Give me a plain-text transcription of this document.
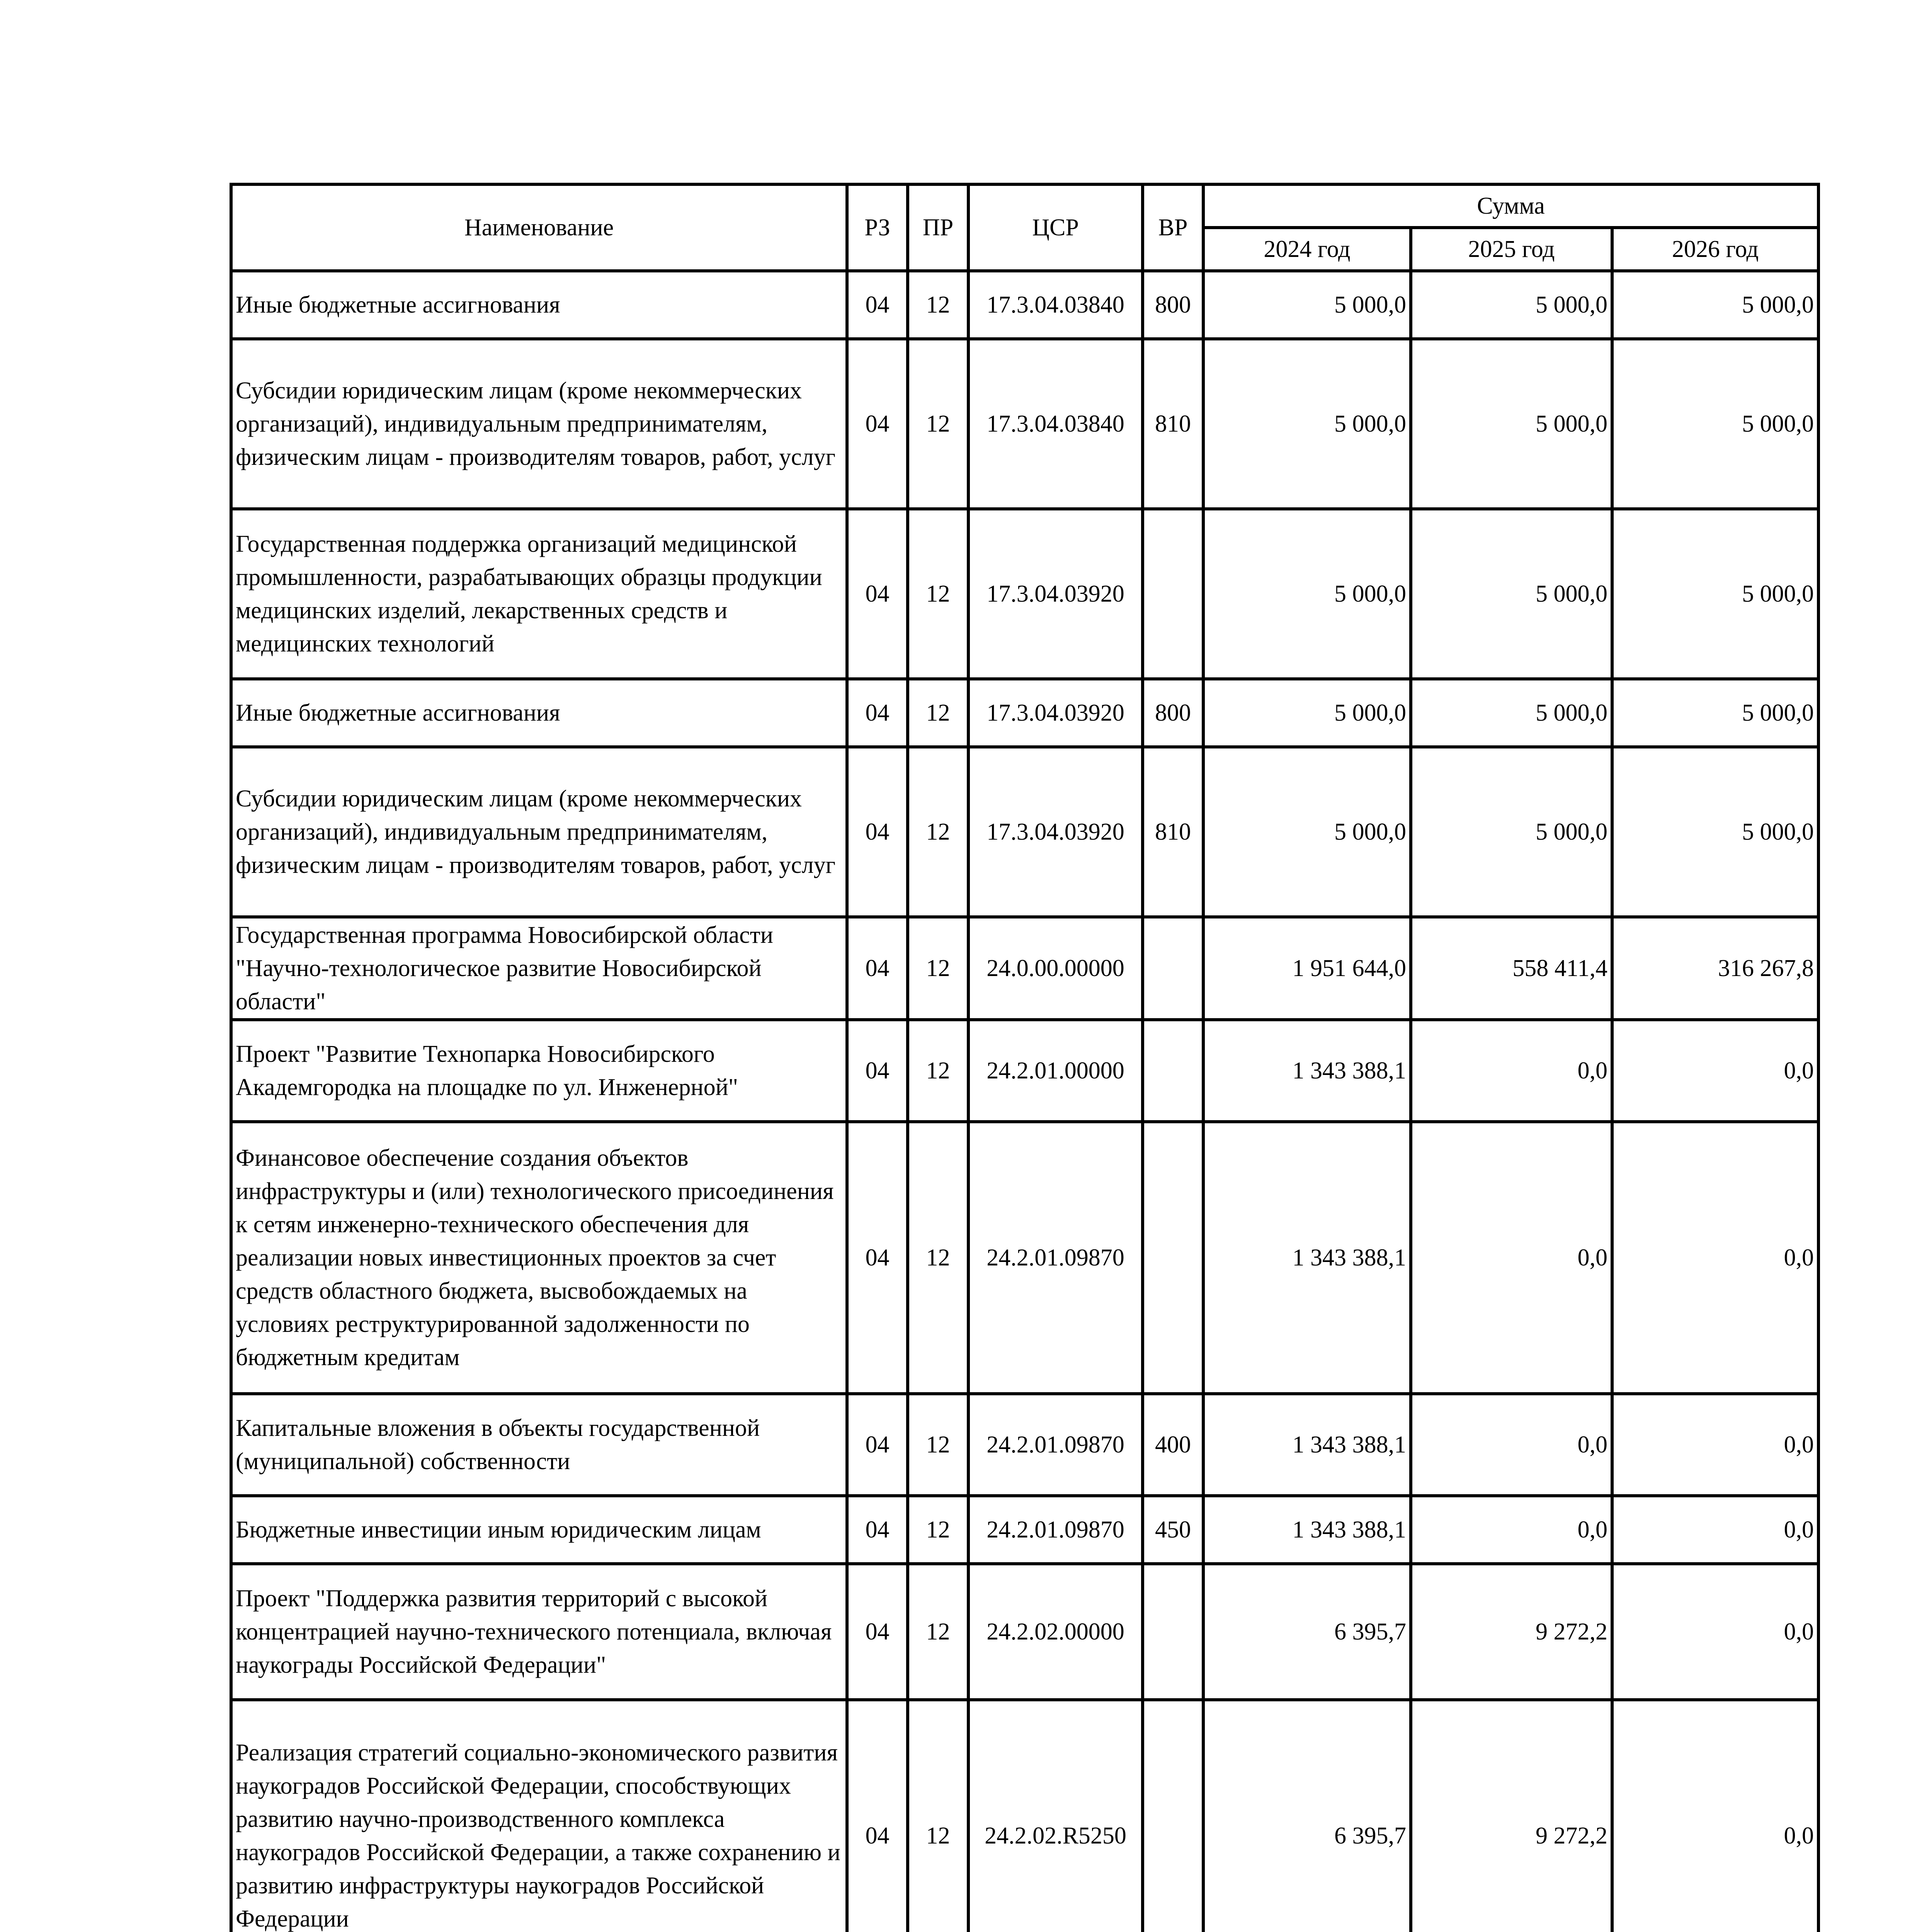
Наименование	РЗ	ПР	ЦСР	ВР	Сумма		
					2024 год	2025 год	2026 год
Иные бюджетные ассигнования	04	12	17.3.04.03840	800	5 000,0	5 000,0	5 000,0
Субсидии юридическим лицам (кроме некоммерческих организаций), индивидуальным предпринимателям, физическим лицам - производителям товаров, работ, услуг	04	12	17.3.04.03840	810	5 000,0	5 000,0	5 000,0
Государственная поддержка организаций медицинской промышленности, разрабатывающих образцы продукции медицинских изделий, лекарственных средств и медицинских технологий	04	12	17.3.04.03920		5 000,0	5 000,0	5 000,0
Иные бюджетные ассигнования	04	12	17.3.04.03920	800	5 000,0	5 000,0	5 000,0
Субсидии юридическим лицам (кроме некоммерческих организаций), индивидуальным предпринимателям, физическим лицам - производителям товаров, работ, услуг	04	12	17.3.04.03920	810	5 000,0	5 000,0	5 000,0
Государственная программа Новосибирской области "Научно-технологическое развитие Новосибирской области"	04	12	24.0.00.00000		1 951 644,0	558 411,4	316 267,8
Проект "Развитие Технопарка Новосибирского Академгородка на площадке по ул. Инженерной"	04	12	24.2.01.00000		1 343 388,1	0,0	0,0
Финансовое обеспечение создания объектов инфраструктуры и (или) технологического присоединения к сетям инженерно-технического обеспечения для реализации новых инвестиционных проектов за счет средств областного бюджета, высвобождаемых на условиях реструктурированной задолженности по бюджетным кредитам	04	12	24.2.01.09870		1 343 388,1	0,0	0,0
Капитальные вложения в объекты государственной (муниципальной) собственности	04	12	24.2.01.09870	400	1 343 388,1	0,0	0,0
Бюджетные инвестиции иным юридическим лицам	04	12	24.2.01.09870	450	1 343 388,1	0,0	0,0
Проект "Поддержка развития территорий с высокой концентрацией научно-технического потенциала, включая наукограды Российской Федерации"	04	12	24.2.02.00000		6 395,7	9 272,2	0,0
Реализация стратегий социально-экономического развития наукоградов Российской Федерации, способствующих развитию научно-производственного комплекса наукоградов Российской Федерации, а также сохранению и развитию инфраструктуры наукоградов Российской Федерации	04	12	24.2.02.R5250		6 395,7	9 272,2	0,0
